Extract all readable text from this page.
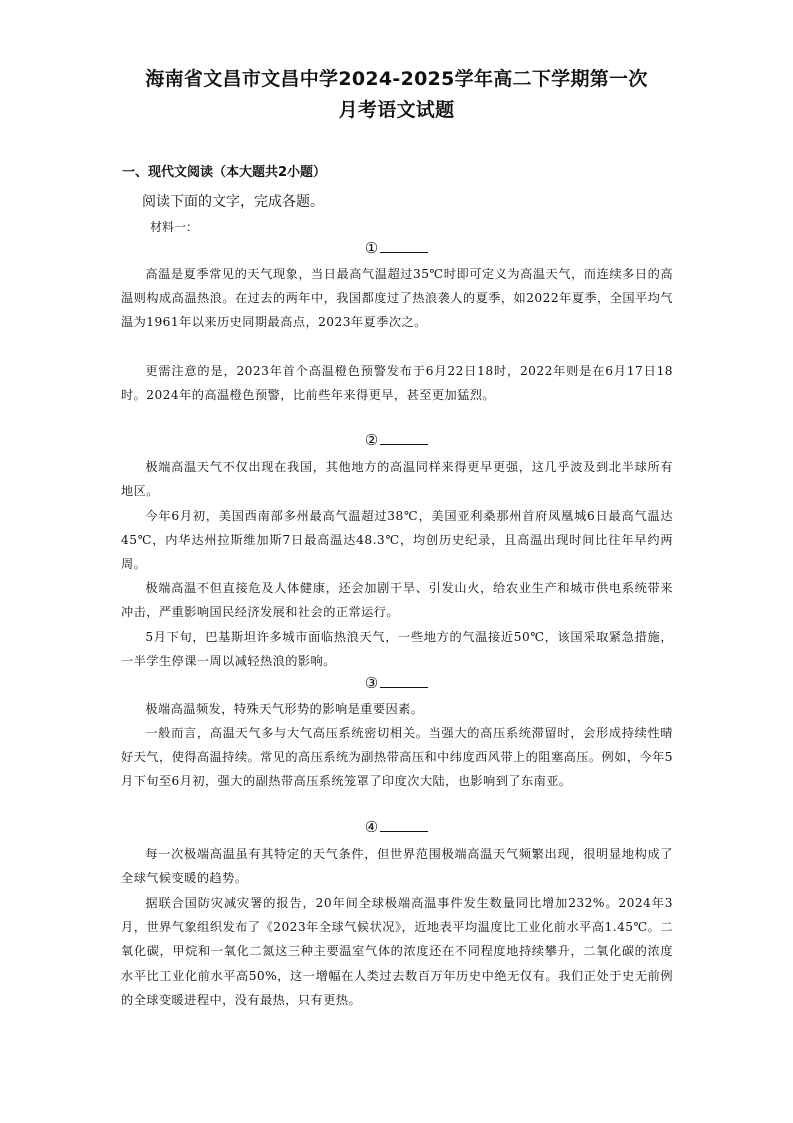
海南省文昌市文昌中学2024-2025学年高二下学期第一次
月考语文试题
一、现代文阅读（本大题共2小题）
阅读下面的文字，完成各题。
材料一：
①
高温是夏季常见的天气现象，当日最高气温超过35℃时即可定义为高温天气，而连续多日的高温则构成高温热浪。在过去的两年中，我国都度过了热浪袭人的夏季，如2022年夏季，全国平均气温为1961年以来历史同期最高点，2023年夏季次之。
更需注意的是，2023年首个高温橙色预警发布于6月22日18时，2022年则是在6月17日18时。2024年的高温橙色预警，比前些年来得更早，甚至更加猛烈。
②
极端高温天气不仅出现在我国，其他地方的高温同样来得更早更强，这几乎波及到北半球所有地区。
今年6月初，美国西南部多州最高气温超过38℃，美国亚利桑那州首府凤凰城6日最高气温达45℃，内华达州拉斯维加斯7日最高温达48.3℃，均创历史纪录，且高温出现时间比往年早约两周。
极端高温不但直接危及人体健康，还会加剧干旱、引发山火，给农业生产和城市供电系统带来冲击，严重影响国民经济发展和社会的正常运行。
5月下旬，巴基斯坦许多城市面临热浪天气，一些地方的气温接近50℃，该国采取紧急措施，一半学生停课一周以减轻热浪的影响。
③
极端高温频发，特殊天气形势的影响是重要因素。
一般而言，高温天气多与大气高压系统密切相关。当强大的高压系统滞留时，会形成持续性晴好天气，使得高温持续。常见的高压系统为副热带高压和中纬度西风带上的阻塞高压。例如，今年5月下旬至6月初，强大的副热带高压系统笼罩了印度次大陆，也影响到了东南亚。
④
每一次极端高温虽有其特定的天气条件，但世界范围极端高温天气频繁出现，很明显地构成了全球气候变暖的趋势。
据联合国防灾减灾署的报告，20年间全球极端高温事件发生数量同比增加232%。2024年3月，世界气象组织发布了《2023年全球气候状况》，近地表平均温度比工业化前水平高1.45℃。二氧化碳，甲烷和一氧化二氮这三种主要温室气体的浓度还在不同程度地持续攀升，二氧化碳的浓度水平比工业化前水平高50%，这一增幅在人类过去数百万年历史中绝无仅有。我们正处于史无前例的全球变暖进程中，没有最热，只有更热。
